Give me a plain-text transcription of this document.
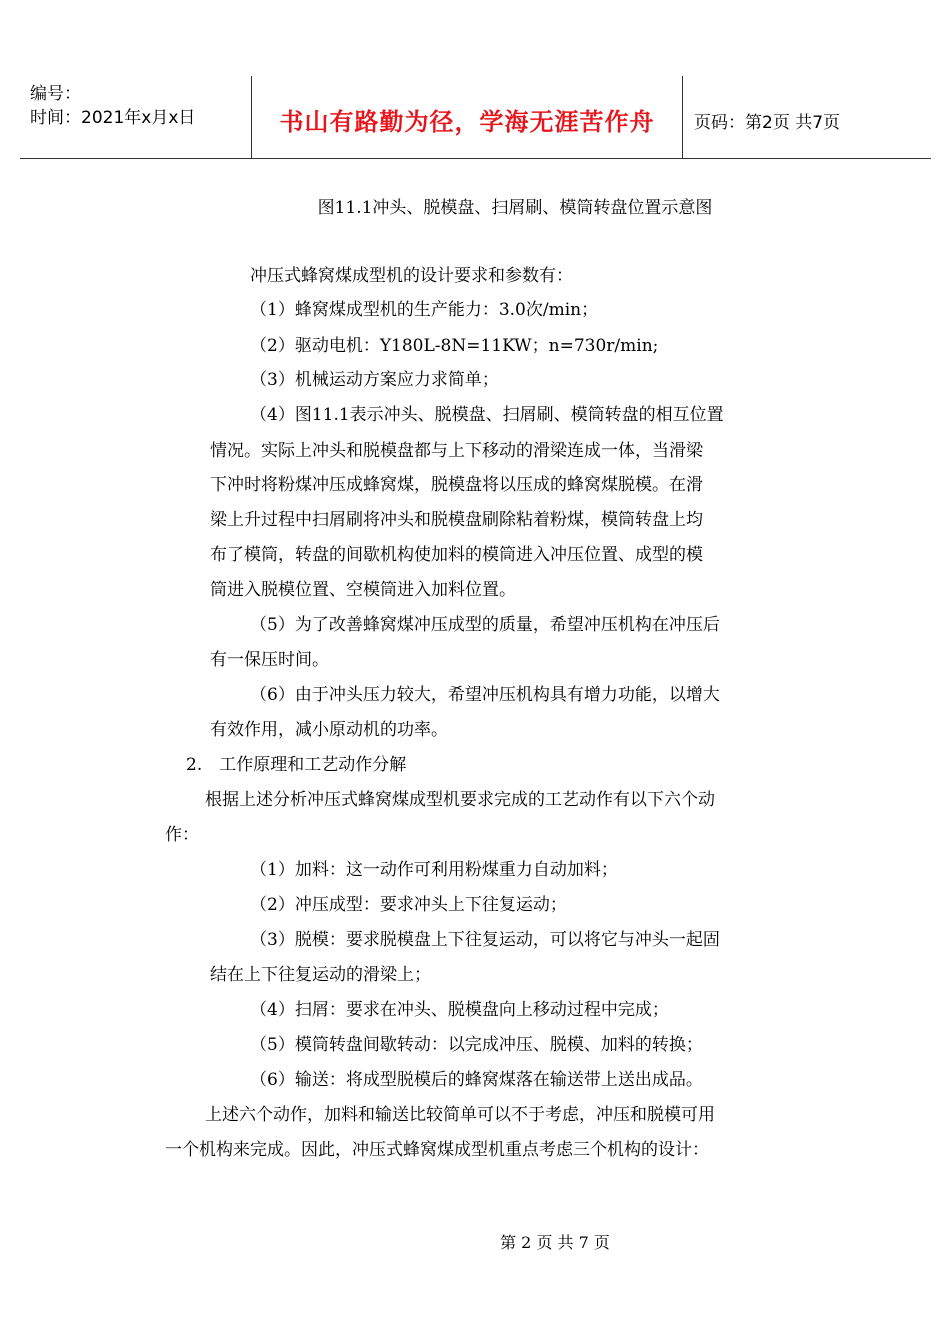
编号：
时间：2021年x月x日	书山有路勤为径，学海无涯苦作舟	页码：第2页 共7页
图11.1冲头、脱模盘、扫屑刷、模筒转盘位置示意图
冲压式蜂窝煤成型机的设计要求和参数有：
（1）蜂窝煤成型机的生产能力：3.0次/min；
（2）驱动电机：Y180L-8N=11KW；n=730r/min;
（3）机械运动方案应力求简单；
（4）图11.1表示冲头、脱模盘、扫屑刷、模筒转盘的相互位置
情况。实际上冲头和脱模盘都与上下移动的滑梁连成一体，当滑梁
下冲时将粉煤冲压成蜂窝煤，脱模盘将以压成的蜂窝煤脱模。在滑
梁上升过程中扫屑刷将冲头和脱模盘刷除粘着粉煤，模筒转盘上均
布了模筒，转盘的间歇机构使加料的模筒进入冲压位置、成型的模
筒进入脱模位置、空模筒进入加料位置。
（5）为了改善蜂窝煤冲压成型的质量，希望冲压机构在冲压后
有一保压时间。
（6）由于冲头压力较大，希望冲压机构具有增力功能，以增大
有效作用，减小原动机的功率。
2.　工作原理和工艺动作分解
根据上述分析冲压式蜂窝煤成型机要求完成的工艺动作有以下六个动
作：
（1）加料：这一动作可利用粉煤重力自动加料；
（2）冲压成型：要求冲头上下往复运动；
（3）脱模：要求脱模盘上下往复运动，可以将它与冲头一起固
结在上下往复运动的滑梁上；
（4）扫屑：要求在冲头、脱模盘向上移动过程中完成；
（5）模筒转盘间歇转动：以完成冲压、脱模、加料的转换；
（6）输送：将成型脱模后的蜂窝煤落在输送带上送出成品。
上述六个动作，加料和输送比较简单可以不于考虑，冲压和脱模可用
一个机构来完成。因此，冲压式蜂窝煤成型机重点考虑三个机构的设计：
第 2 页 共 7 页
